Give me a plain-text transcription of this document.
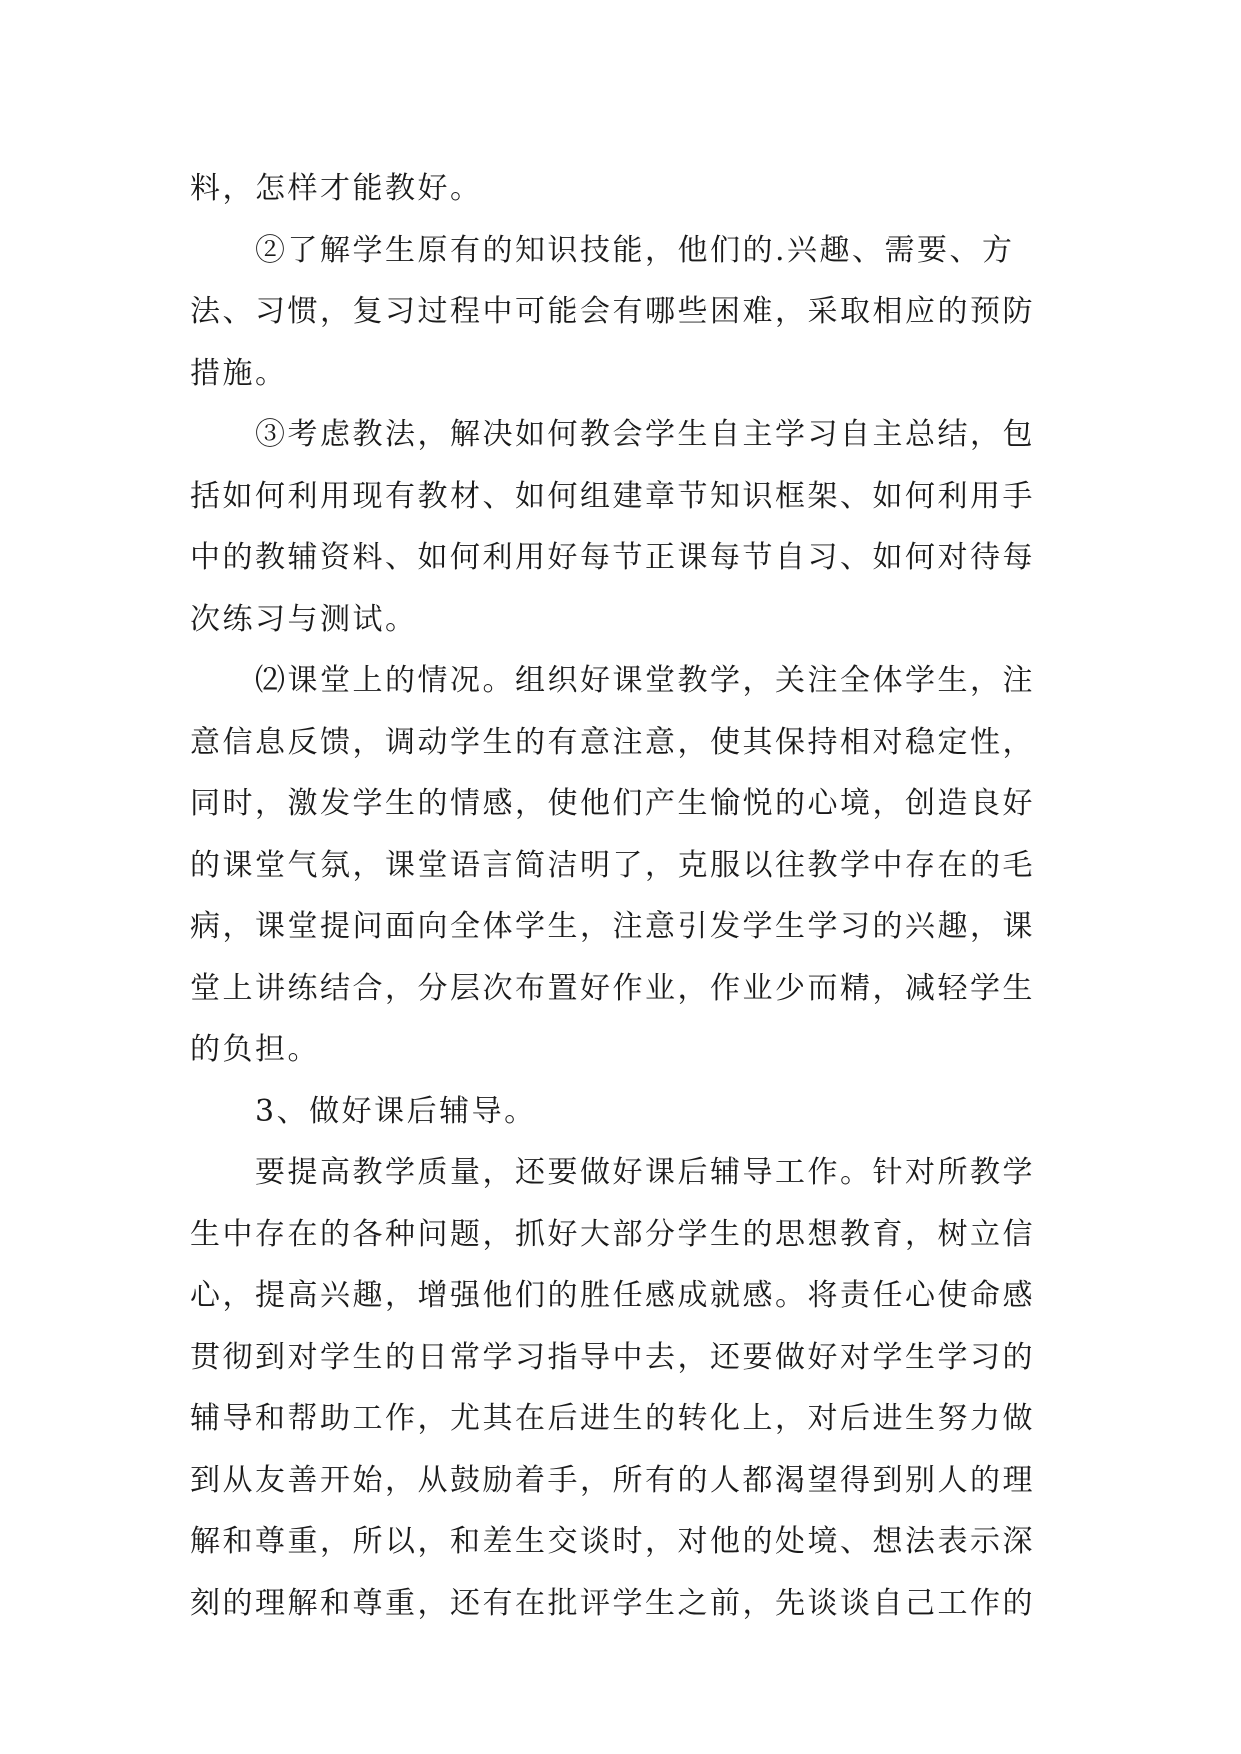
料，怎样才能教好。

②了解学生原有的知识技能，他们的.兴趣、需要、方法、习惯，复习过程中可能会有哪些困难，采取相应的预防措施。

③考虑教法，解决如何教会学生自主学习自主总结，包括如何利用现有教材、如何组建章节知识框架、如何利用手中的教辅资料、如何利用好每节正课每节自习、如何对待每次练习与测试。

⑵课堂上的情况。组织好课堂教学，关注全体学生，注意信息反馈，调动学生的有意注意，使其保持相对稳定性，同时，激发学生的情感，使他们产生愉悦的心境，创造良好的课堂气氛，课堂语言简洁明了，克服以往教学中存在的毛病，课堂提问面向全体学生，注意引发学生学习的兴趣，课堂上讲练结合，分层次布置好作业，作业少而精，减轻学生的负担。

3、做好课后辅导。

要提高教学质量，还要做好课后辅导工作。针对所教学生中存在的各种问题，抓好大部分学生的思想教育，树立信心，提高兴趣，增强他们的胜任感成就感。将责任心使命感贯彻到对学生的日常学习指导中去，还要做好对学生学习的辅导和帮助工作，尤其在后进生的转化上，对后进生努力做到从友善开始，从鼓励着手，所有的人都渴望得到别人的理解和尊重，所以，和差生交谈时，对他的处境、想法表示深刻的理解和尊重，还有在批评学生之前，先谈谈自己工作的
